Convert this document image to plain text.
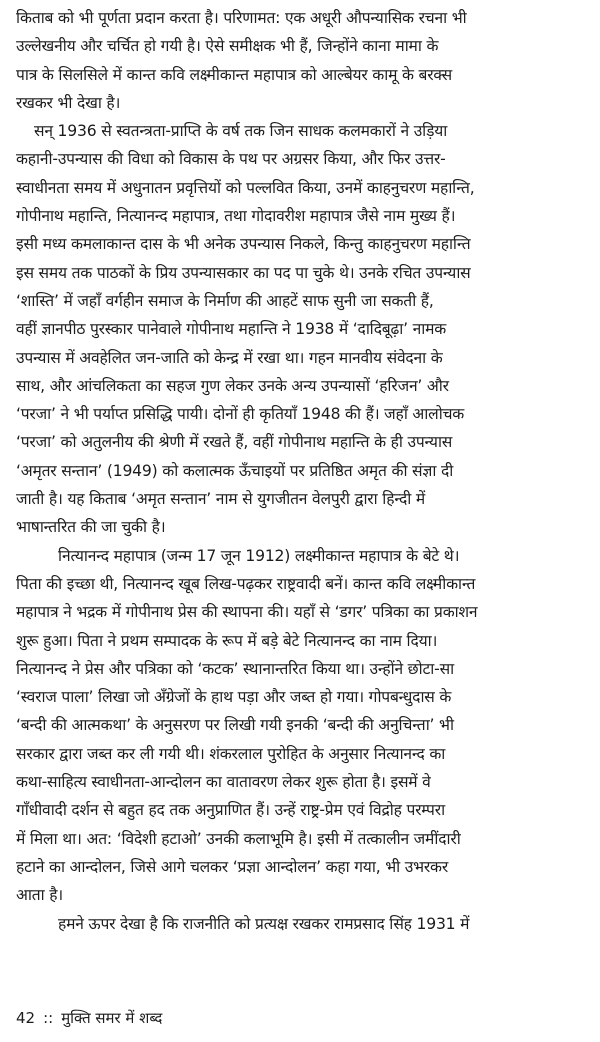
किताब को भी पूर्णता प्रदान करता है। परिणामत: एक अधूरी औपन्यासिक रचना भी
उल्लेखनीय और चर्चित हो गयी है। ऐसे समीक्षक भी हैं, जिन्होंने काना मामा के
पात्र के सिलसिले में कान्त कवि लक्ष्मीकान्त महापात्र को आल्बेयर कामू के बरक्स
रखकर भी देखा है।
सन् 1936 से स्वतन्त्रता-प्राप्ति के वर्ष तक जिन साधक कलमकारों ने उड़िया
कहानी-उपन्यास की विधा को विकास के पथ पर अग्रसर किया, और फिर उत्तर-
स्वाधीनता समय में अधुनातन प्रवृत्तियों को पल्लवित किया, उनमें काहनुचरण महान्ति,
गोपीनाथ महान्ति, नित्यानन्द महापात्र, तथा गोदावरीश महापात्र जैसे नाम मुख्य हैं।
इसी मध्य कमलाकान्त दास के भी अनेक उपन्यास निकले, किन्तु काहनुचरण महान्ति
इस समय तक पाठकों के प्रिय उपन्यासकार का पद पा चुके थे। उनके रचित उपन्यास
‘शास्ति’ में जहाँ वर्गहीन समाज के निर्माण की आहटें साफ सुनी जा सकती हैं,
वहीं ज्ञानपीठ पुरस्कार पानेवाले गोपीनाथ महान्ति ने 1938 में ‘दादिबूढ़ा’ नामक
उपन्यास में अवहेलित जन-जाति को केन्द्र में रखा था। गहन मानवीय संवेदना के
साथ, और आंचलिकता का सहज गुण लेकर उनके अन्य उपन्यासों ‘हरिजन’ और
‘परजा’ ने भी पर्याप्त प्रसिद्धि पायी। दोनों ही कृतियाँ 1948 की हैं। जहाँ आलोचक
‘परजा’ को अतुलनीय की श्रेणी में रखते हैं, वहीं गोपीनाथ महान्ति के ही उपन्यास
‘अमृतर सन्तान’ (1949) को कलात्मक ऊँचाइयों पर प्रतिष्ठित अमृत की संज्ञा दी
जाती है। यह किताब ‘अमृत सन्तान’ नाम से युगजीतन वेलपुरी द्वारा हिन्दी में
भाषान्तरित की जा चुकी है।
नित्यानन्द महापात्र (जन्म 17 जून 1912) लक्ष्मीकान्त महापात्र के बेटे थे।
पिता की इच्छा थी, नित्यानन्द खूब लिख-पढ़कर राष्ट्रवादी बनें। कान्त कवि लक्ष्मीकान्त
महापात्र ने भद्रक में गोपीनाथ प्रेस की स्थापना की। यहाँ से ‘डगर’ पत्रिका का प्रकाशन
शुरू हुआ। पिता ने प्रथम सम्पादक के रूप में बड़े बेटे नित्यानन्द का नाम दिया।
नित्यानन्द ने प्रेस और पत्रिका को ‘कटक’ स्थानान्तरित किया था। उन्होंने छोटा-सा
‘स्वराज पाला’ लिखा जो अँग्रेजों के हाथ पड़ा और जब्त हो गया। गोपबन्धुदास के
‘बन्दी की आत्मकथा’ के अनुसरण पर लिखी गयी इनकी ‘बन्दी की अनुचिन्ता’ भी
सरकार द्वारा जब्त कर ली गयी थी। शंकरलाल पुरोहित के अनुसार नित्यानन्द का
कथा-साहित्य स्वाधीनता-आन्दोलन का वातावरण लेकर शुरू होता है। इसमें वे
गाँधीवादी दर्शन से बहुत हद तक अनुप्राणित हैं। उन्हें राष्ट्र-प्रेम एवं विद्रोह परम्परा
में मिला था। अत: ‘विदेशी हटाओ’ उनकी कलाभूमि है। इसी में तत्कालीन जमींदारी
हटाने का आन्दोलन, जिसे आगे चलकर ‘प्रज्ञा आन्दोलन’ कहा गया, भी उभरकर
आता है।
हमने ऊपर देखा है कि राजनीति को प्रत्यक्ष रखकर रामप्रसाद सिंह 1931 में
42 :: मुक्ति समर में शब्द
